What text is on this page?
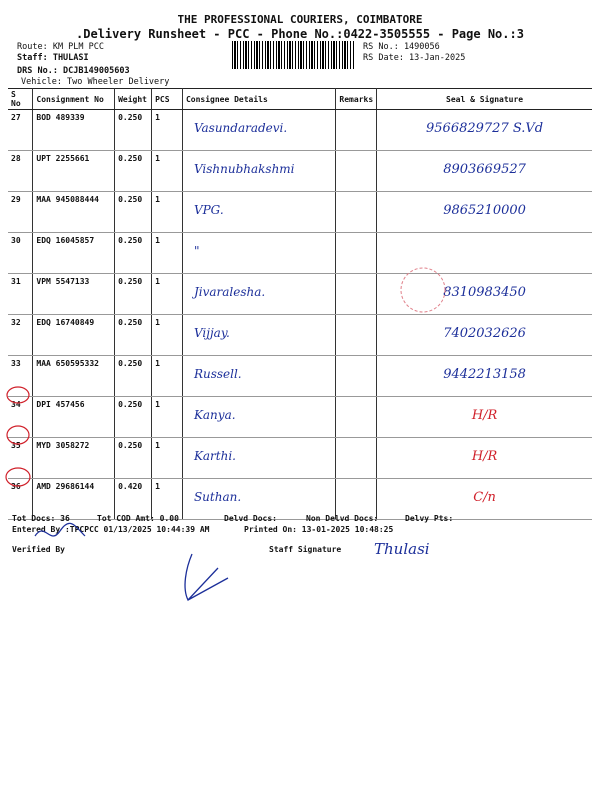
THE PROFESSIONAL COURIERS, COIMBATORE
.Delivery Runsheet - PCC - Phone No.:0422-3505555 - Page No.:3
Route: KM PLM PCC
Staff: THULASI
DRS No.: DCJB149005603
Vehicle: Two Wheeler Delivery
RS No.: 1490056
RS Date: 13-Jan-2025
S No	Consignment No	Weight	PCS	Consignee Details	Remarks	Seal & Signature
27	BOD 489339	0.250	1	Vasundaradevi.		9566829727 S.Vd

28	UPT 2255661	0.250	1	Vishnubhakshmi		8903669527

29	MAA 945088444	0.250	1	VPG.		9865210000

30	EDQ 16045857	0.250	1	"		

31	VPM 5547133	0.250	1	Jivaralesha.		8310983450

32	EDQ 16740849	0.250	1	Vijjay.		7402032626

33	MAA 650595332	0.250	1	Russell.		9442213158

34	DPI 457456	0.250	1	Kanya.		H/R

35	MYD 3058272	0.250	1	Karthi.		H/R

36	AMD 29686144	0.420	1	Suthan.		C/n
Tot Docs: 36	Tot COD Amt: 0.00	Delvd Docs:	Non Delvd Docs:	Delvy Pts:
Entered By :TPCPCC 01/13/2025 10:44:39 AM	Printed On: 13-01-2025 10:48:25
Verified By	Staff Signature Thulasi
